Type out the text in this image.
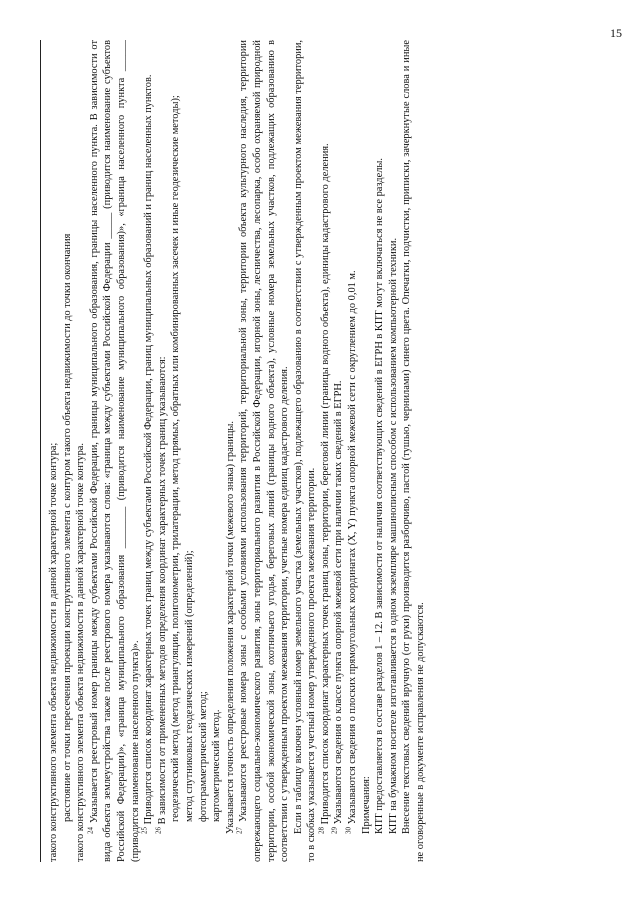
15

такого конструктивного элемента объекта недвижимости в данной характерной точке контура; расстояние от точки пересечения проекции конструктивного элемента с контуром такого объекта недвижимости до точки окончания такого конструктивного элемента объекта недвижимости в данной характерной точке контура. $^{24}$ Указывается реестровый номер границы между субъектами Российской Федерации, границы муниципального образования, границы населенного пункта. В зависимости от вида объекта землеустройства также после реестрового номера указываются слова: «граница между субъектами Российской Федерации _____ (приводится наименование субъектов Российской Федерации)», «граница муниципального образования ________ (приводится наименование муниципального образования)», «граница населенного пункта ______ (приводится наименование населенного пункта)». $^{25}$ Приводится список координат характерных точек границ между субъектами Российской Федерации, границ муниципальных образований и границ населенных пунктов.

$^{26}$ В зависимости от примененных методов определения координат характерных точек границ указываются: геодезический метод (метод триангуляции, полигонометрии, трилатерации, метод прямых, обратных или комбинированных засечек и иные геодезические методы); метод спутниковых геодезических измерений (определений); фотограмметрический метод; картометрический метод. Указывается точность определения положения характерной точки (межевого знака) границы. $^{27}$ Указываются реестровые номера зоны с особыми условиями использования территорий, территориальной зоны, территории объекта культурного наследия, территории опережающего социально-экономического развития, зоны территориального развития в Российской Федерации, игорной зоны, лесничества, лесопарка, особо охраняемой природной территории, особой экономической зоны, охотничьего угодья, береговых линий (границы водного объекта), условные номера земельных участков, подлежащих образованию в соответствии с утвержденным проектом межевания территории, учетные номера единиц кадастрового деления. Если в таблицу включен условный номер земельного участка (земельных участков), подлежащего образованию в соответствии с утвержденным проектом межевания территории, то в скобках указывается учетный номер утвержденного проекта межевания территории. $^{28}$ Приводится список координат характерных точек границ зоны, территории, береговой линии (границы водного объекта), единицы кадастрового деления.

$^{29}$ Указываются сведения о классе пункта опорной межевой сети при наличии таких сведений в ЕГРН.

$^{30}$ Указываются сведения о плоских прямоугольных координатах (X, Y) пункта опорной межевой сети с округлением до 0,01 м. Примечания: КПТ предоставляется в составе разделов 1 – 12. В зависимости от наличия соответствующих сведений в ЕГРН в КПТ могут включаться не все разделы. КПТ на бумажном носителе изготавливается в одном экземпляре машинописным способом с использованием компьютерной техники. Внесение текстовых сведений вручную (от руки) производится разборчиво, пастой (тушью, чернилами) синего цвета. Опечатки, подчистки, приписки, зачеркнутые слова и иные не оговоренные в документе исправления не допускаются.
